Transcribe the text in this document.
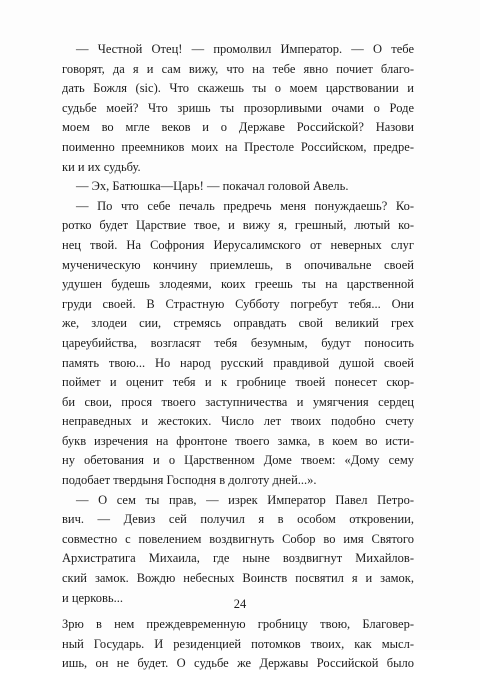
— Честной Отец! — промолвил Император. — О тебе
говорят, да я и сам вижу, что на тебе явно почиет благо-
дать Божля (sic). Что скажешь ты о моем царствовании и
судьбе моей? Что зришь ты прозорливыми очами о Роде
моем во мгле веков и о Державе Российской? Назови
поименно преемников моих на Престоле Российском, предре-
ки и их судьбу.

— Эх, Батюшка—Царь! — покачал головой Авель.

— По что себе печаль предречь меня понуждаешь? Ко-
ротко будет Царствие твое, и вижу я, грешный, лютый ко-
нец твой. На Софрония Иерусалимского от неверных слуг
мученическую кончину приемлешь, в опочивальне своей
удушен будешь злодеями, коих греешь ты на царственной
груди своей. В Страстную Субботу погребут тебя... Они
же, злодеи сии, стремясь оправдать свой великий грех
цареубийства, возгласят тебя безумным, будут поносить
память твою... Но народ русский правдивой душой своей
поймет и оценит тебя и к гробнице твоей понесет скор-
би свои, прося твоего заступничества и умягчения сердец
неправедных и жестоких. Число лет твоих подобно счету
букв изречения на фронтоне твоего замка, в коем во исти-
ну обетования и о Царственном Доме твоем: «Дому сему
подобает твердыня Господня в долготу дней...».

— О сем ты прав, — изрек Император Павел Петро-
вич. — Девиз сей получил я в особом откровении,
совместно с повелением воздвигнуть Собор во имя Святого
Архистратига Михаила, где ныне воздвигнут Михайлов-
ский замок. Вождю небесных Воинств посвятил я и замок,
и церковь...

Зрю в нем преждевременную гробницу твою, Благовер-
ный Государь. И резиденцией потомков твоих, как мысл-
ишь, он не будет. О судьбе же Державы Российской было

24
